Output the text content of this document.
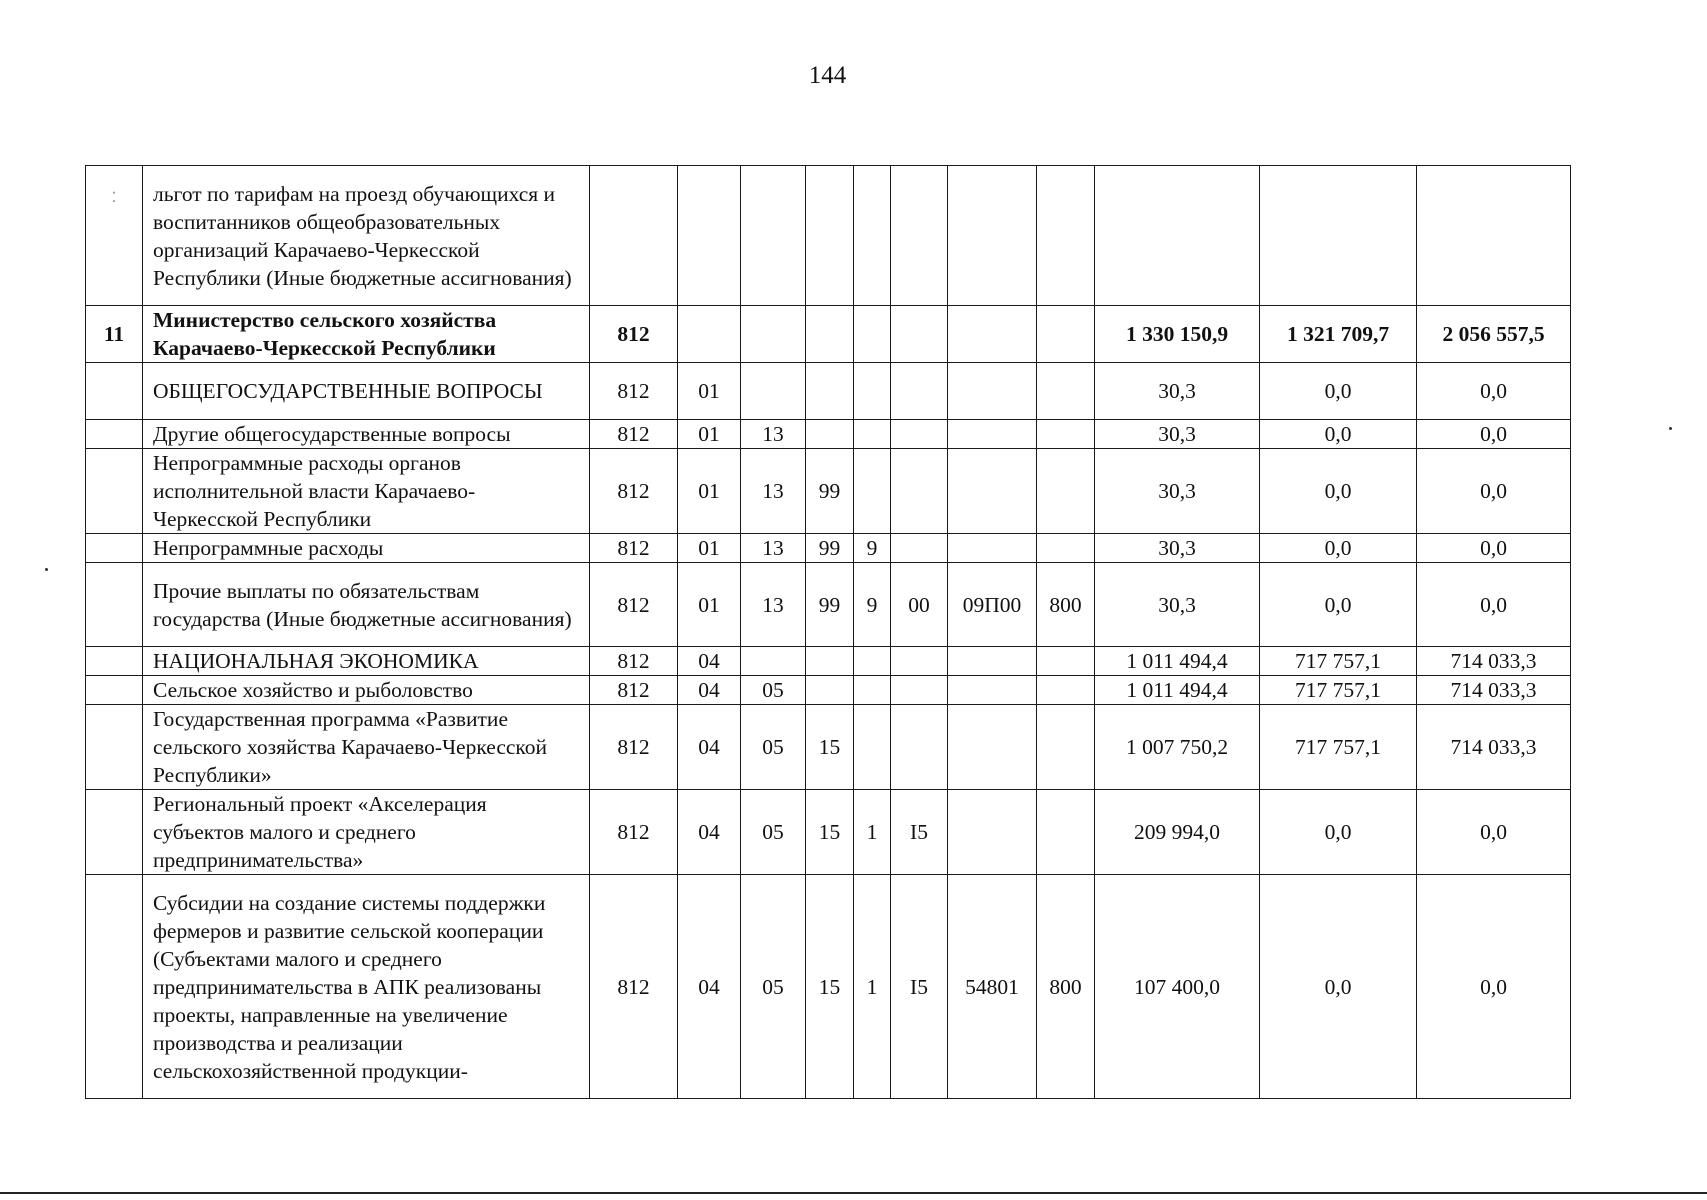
144
⁚	льгот по тарифам на проезд обучающихся и воспитанников общеобразовательных организаций Карачаево-Черкесской Республики (Иные бюджетные ассигнования)											
11	Министерство сельского хозяйства Карачаево-Черкесской Республики	812								1 330 150,9	1 321 709,7	2 056 557,5
	ОБЩЕГОСУДАРСТВЕННЫЕ ВОПРОСЫ	812	01							30,3	0,0	0,0
	Другие общегосударственные вопросы	812	01	13						30,3	0,0	0,0
	Непрограммные расходы органов исполнительной власти Карачаево-Черкесской Республики	812	01	13	99					30,3	0,0	0,0
	Непрограммные расходы	812	01	13	99	9				30,3	0,0	0,0
	Прочие выплаты по обязательствам государства (Иные бюджетные ассигнования)	812	01	13	99	9	00	09П00	800	30,3	0,0	0,0
	НАЦИОНАЛЬНАЯ ЭКОНОМИКА	812	04							1 011 494,4	717 757,1	714 033,3
	Сельское хозяйство и рыболовство	812	04	05						1 011 494,4	717 757,1	714 033,3
	Государственная программа «Развитие сельского хозяйства Карачаево-Черкесской Республики»	812	04	05	15					1 007 750,2	717 757,1	714 033,3
	Региональный проект «Акселерация субъектов малого и среднего предпринимательства»	812	04	05	15	1	I5			209 994,0	0,0	0,0
	Субсидии на создание системы поддержки фермеров и развитие сельской кооперации (Субъектами малого и среднего предпринимательства в АПК реализованы проекты, направленные на увеличение производства и реализации сельскохозяйственной продукции-	812	04	05	15	1	I5	54801	800	107 400,0	0,0	0,0
